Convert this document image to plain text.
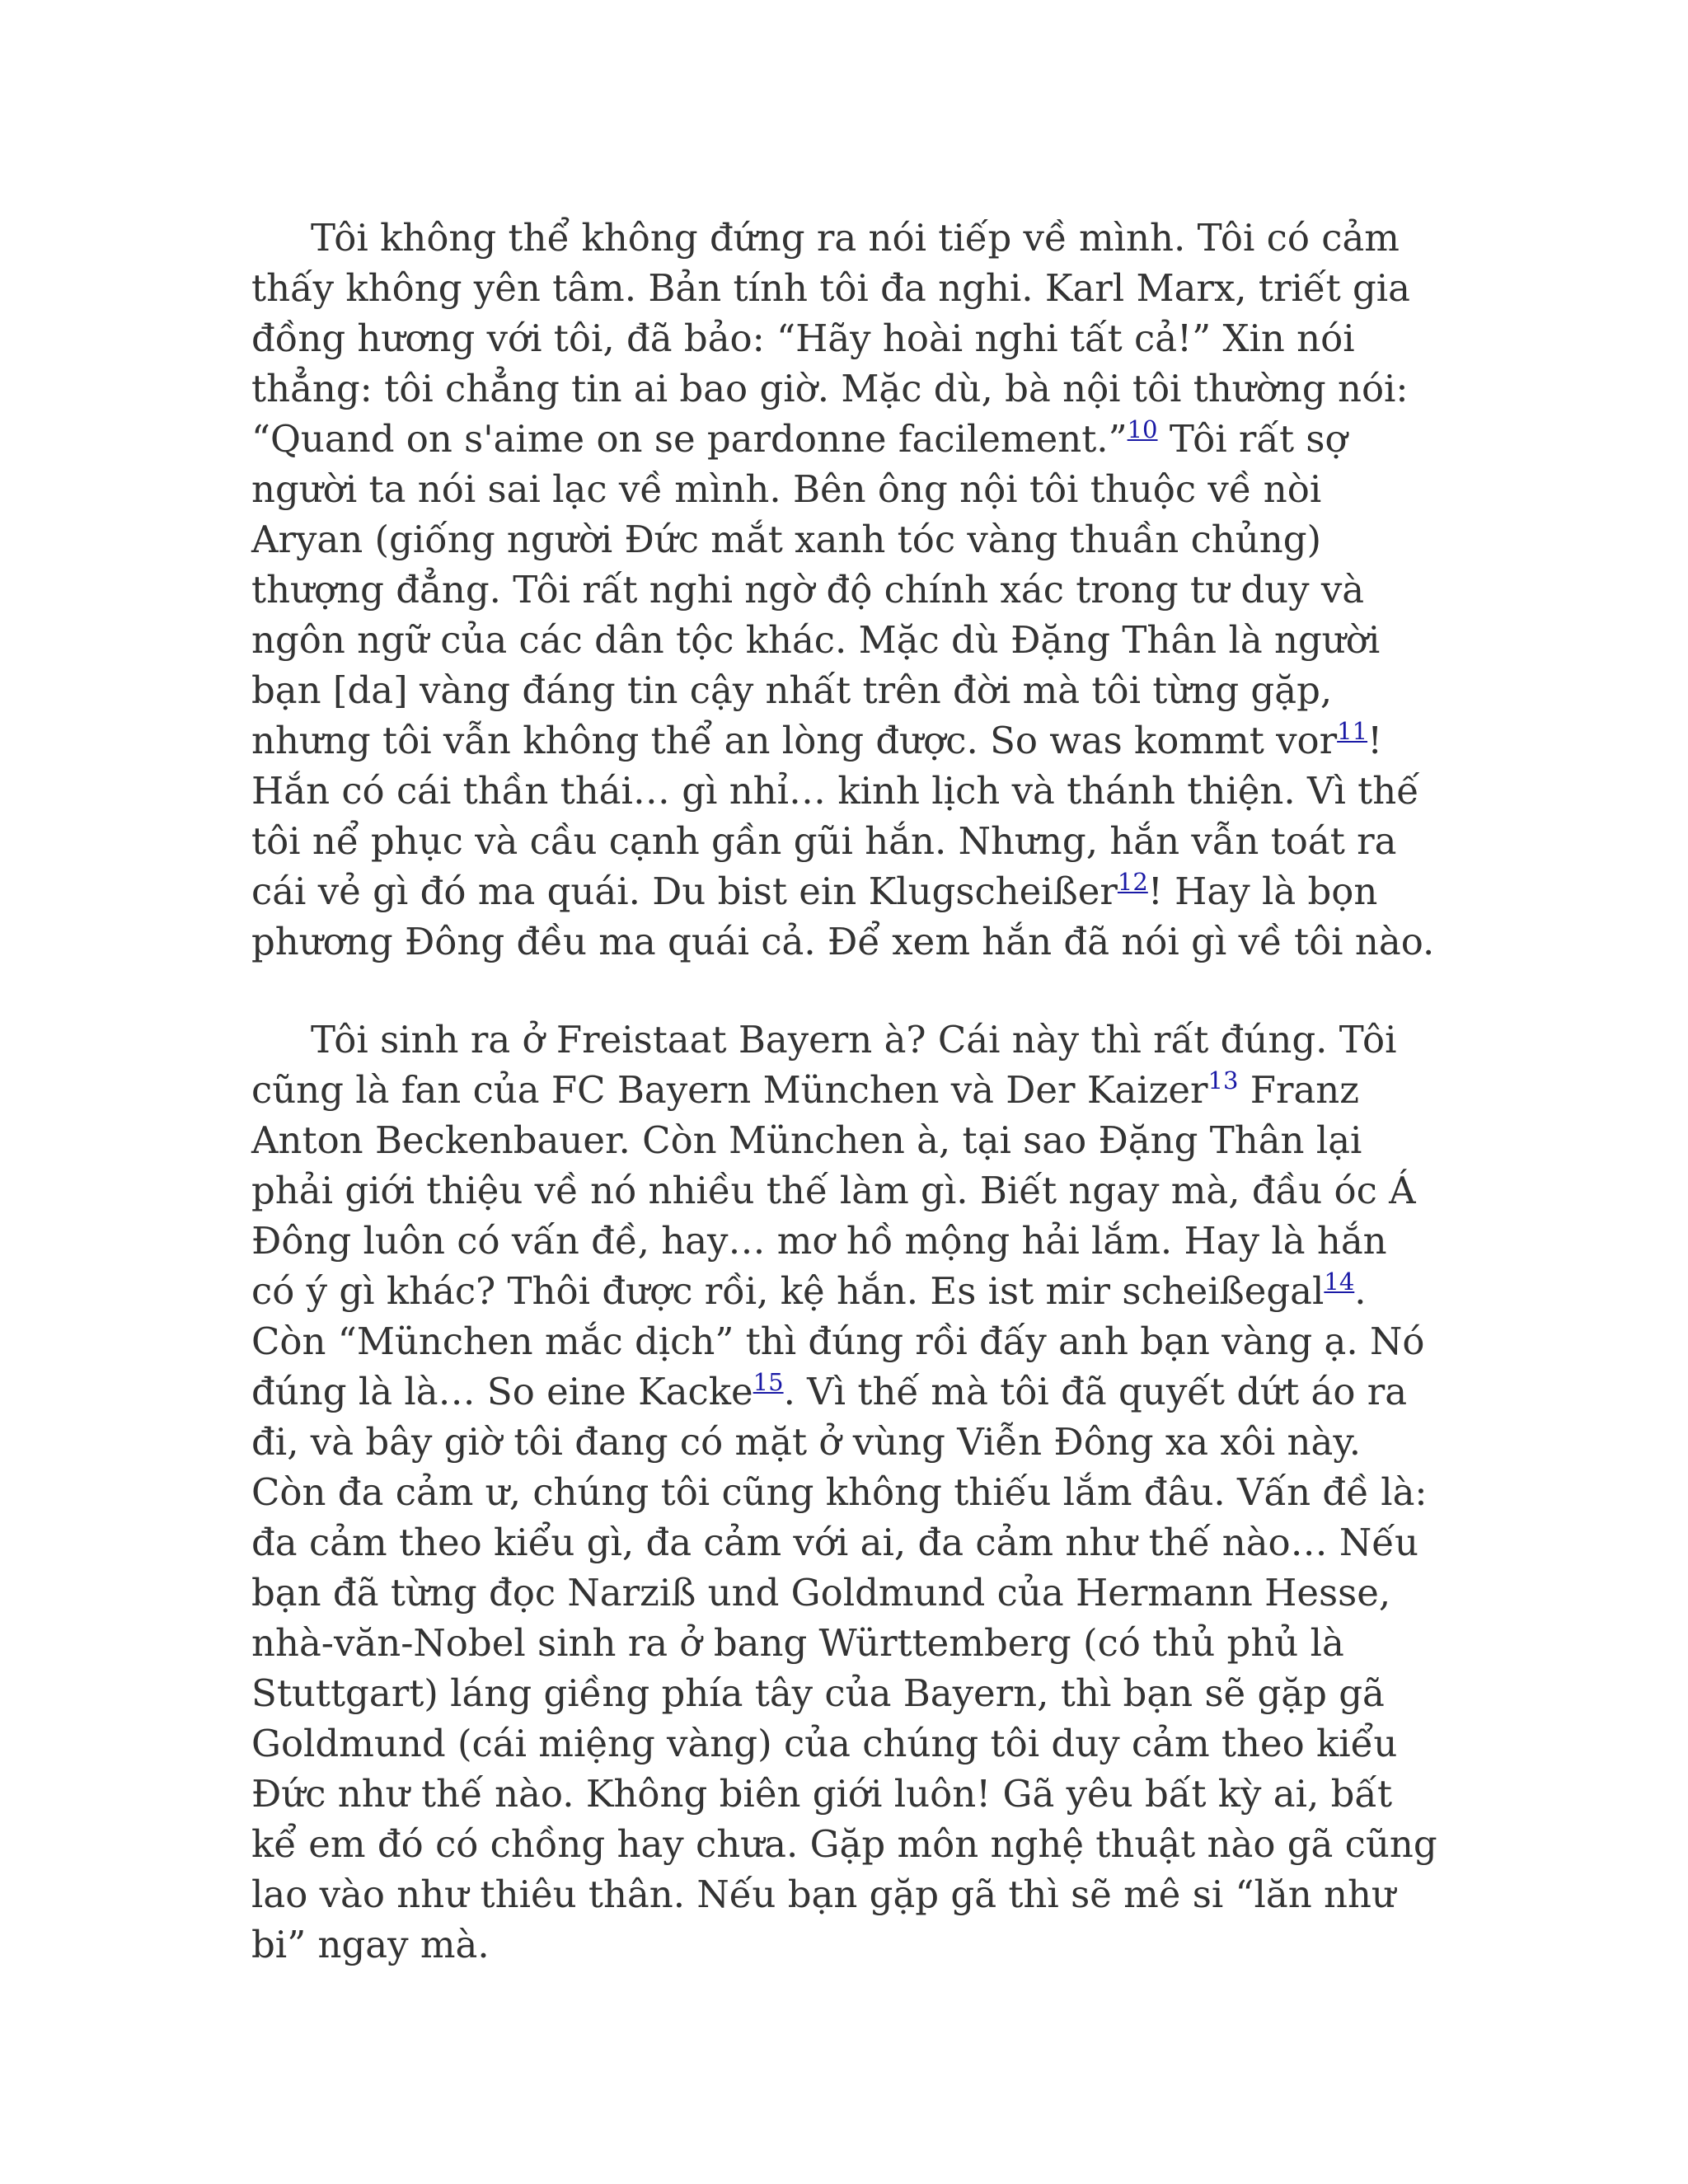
Tôi không thể không đứng ra nói tiếp về mình. Tôi có cảm thấy không yên tâm. Bản tính tôi đa nghi. Karl Marx, triết gia đồng hương với tôi, đã bảo: “Hãy hoài nghi tất cả!” Xin nói thẳng: tôi chẳng tin ai bao giờ. Mặc dù, bà nội tôi thường nói: “Quand on s'aime on se pardonne facilement.”$^{10}$ Tôi rất sợ người ta nói sai lạc về mình. Bên ông nội tôi thuộc về nòi Aryan (giống người Đức mắt xanh tóc vàng thuần chủng) thượng đẳng. Tôi rất nghi ngờ độ chính xác trong tư duy và ngôn ngữ của các dân tộc khác. Mặc dù Đặng Thân là người bạn [da] vàng đáng tin cậy nhất trên đời mà tôi từng gặp, nhưng tôi vẫn không thể an lòng được. So was kommt vor$^{11}$! Hắn có cái thần thái… gì nhỉ… kinh lịch và thánh thiện. Vì thế tôi nể phục và cầu cạnh gần gũi hắn. Nhưng, hắn vẫn toát ra cái vẻ gì đó ma quái. Du bist ein Klugscheißer$^{12}$! Hay là bọn phương Đông đều ma quái cả. Để xem hắn đã nói gì về tôi nào.

Tôi sinh ra ở Freistaat Bayern à? Cái này thì rất đúng. Tôi cũng là fan của FC Bayern München và Der Kaizer$^{13}$ Franz Anton Beckenbauer. Còn München à, tại sao Đặng Thân lại phải giới thiệu về nó nhiều thế làm gì. Biết ngay mà, đầu óc Á Đông luôn có vấn đề, hay… mơ hồ mộng hải lắm. Hay là hắn có ý gì khác? Thôi được rồi, kệ hắn. Es ist mir scheißegal$^{14}$. Còn “München mắc dịch” thì đúng rồi đấy anh bạn vàng ạ. Nó đúng là là… So eine Kacke$^{15}$. Vì thế mà tôi đã quyết dứt áo ra đi, và bây giờ tôi đang có mặt ở vùng Viễn Đông xa xôi này. Còn đa cảm ư, chúng tôi cũng không thiếu lắm đâu. Vấn đề là: đa cảm theo kiểu gì, đa cảm với ai, đa cảm như thế nào… Nếu bạn đã từng đọc Narziß und Goldmund của Hermann Hesse, nhà-văn-Nobel sinh ra ở bang Württemberg (có thủ phủ là Stuttgart) láng giềng phía tây của Bayern, thì bạn sẽ gặp gã Goldmund (cái miệng vàng) của chúng tôi duy cảm theo kiểu Đức như thế nào. Không biên giới luôn! Gã yêu bất kỳ ai, bất kể em đó có chồng hay chưa. Gặp môn nghệ thuật nào gã cũng lao vào như thiêu thân. Nếu bạn gặp gã thì sẽ mê si “lăn như bi” ngay mà.
